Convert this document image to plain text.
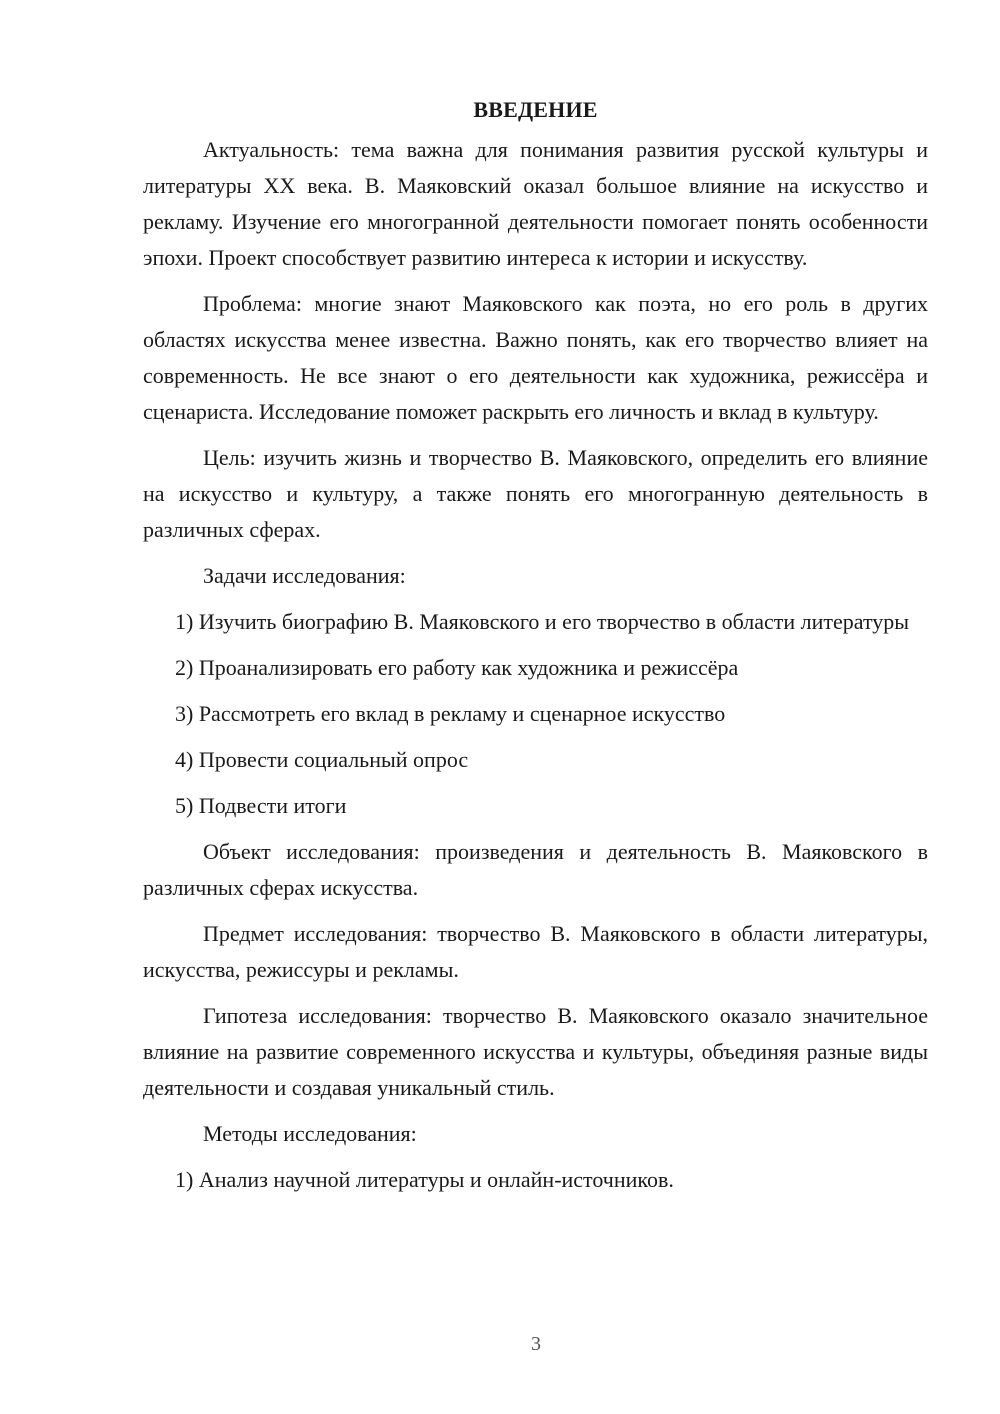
ВВЕДЕНИЕ

Актуальность: тема важна для понимания развития русской культуры и литературы XX века. В. Маяковский оказал большое влияние на искусство и рекламу. Изучение его многогранной деятельности помогает понять особенности эпохи. Проект способствует развитию интереса к истории и искусству.

Проблема: многие знают Маяковского как поэта, но его роль в других областях искусства менее известна. Важно понять, как его творчество влияет на современность. Не все знают о его деятельности как художника, режиссёра и сценариста. Исследование поможет раскрыть его личность и вклад в культуру.

Цель: изучить жизнь и творчество В. Маяковского, определить его влияние на искусство и культуру, а также понять его многогранную деятельность в различных сферах.

Задачи исследования:

1) Изучить биографию В. Маяковского и его творчество в области литературы

2) Проанализировать его работу как художника и режиссёра

3) Рассмотреть его вклад в рекламу и сценарное искусство

4) Провести социальный опрос

5) Подвести итоги

Объект исследования: произведения и деятельность В. Маяковского в различных сферах искусства.

Предмет исследования: творчество В. Маяковского в области литературы, искусства, режиссуры и рекламы.

Гипотеза исследования: творчество В. Маяковского оказало значительное влияние на развитие современного искусства и культуры, объединяя разные виды деятельности и создавая уникальный стиль.

Методы исследования:

1) Анализ научной литературы и онлайн-источников.

3
